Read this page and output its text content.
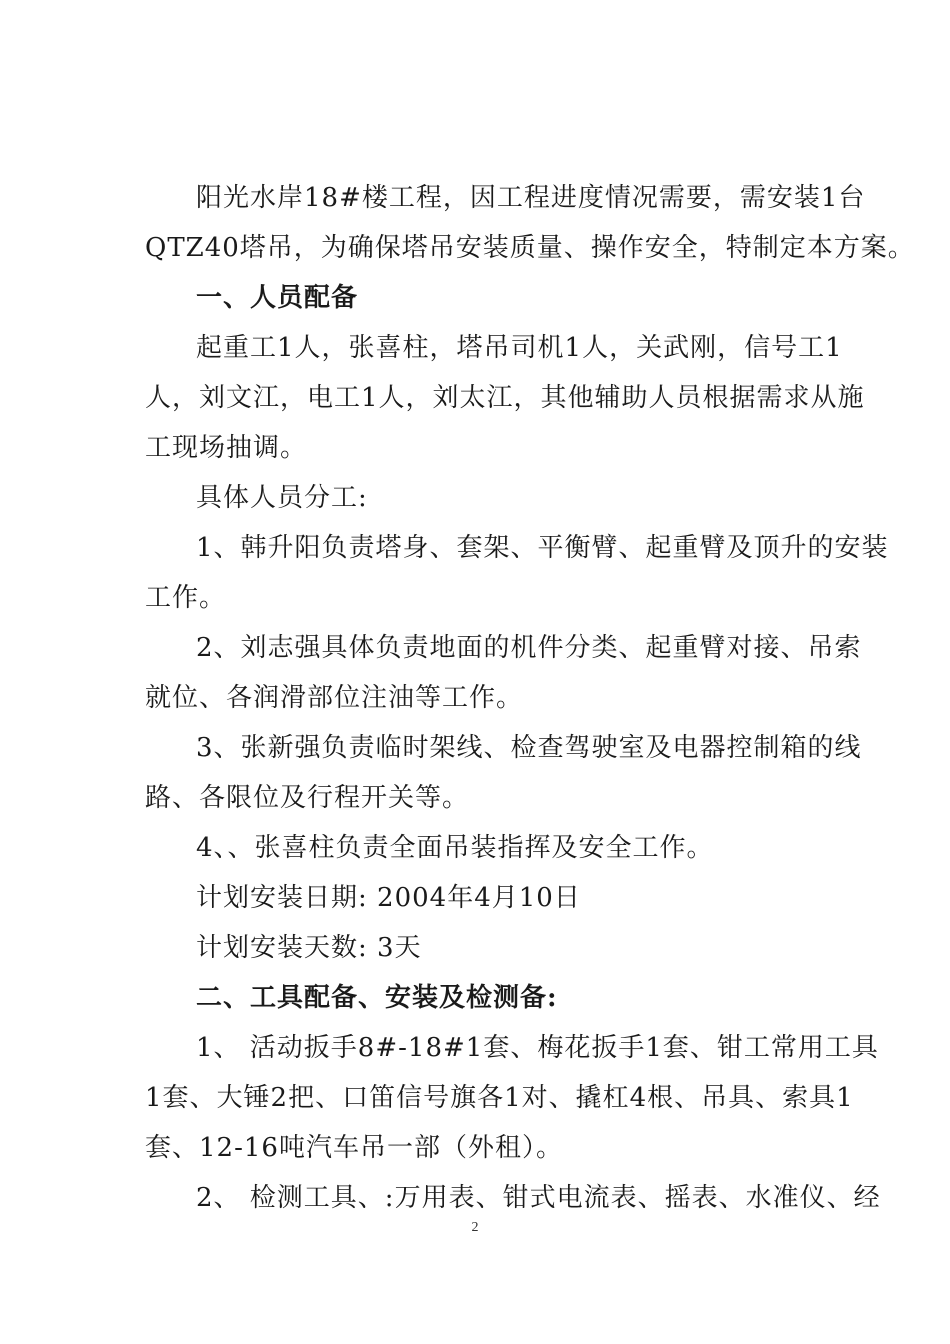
阳光水岸18#楼工程，因工程进度情况需要，需安装1台
QTZ40塔吊，为确保塔吊安装质量、操作安全，特制定本方案。
一、人员配备
起重工1人，张喜柱，塔吊司机1人，关武刚，信号工1
人，刘文江，电工1人，刘太江，其他辅助人员根据需求从施
工现场抽调。
具体人员分工:
1、韩升阳负责塔身、套架、平衡臂、起重臂及顶升的安装
工作。
2、刘志强具体负责地面的机件分类、起重臂对接、吊索
就位、各润滑部位注油等工作。
3、张新强负责临时架线、检查驾驶室及电器控制箱的线
路、各限位及行程开关等。
4、、张喜柱负责全面吊装指挥及安全工作。
计划安装日期: 2004年4月10日
计划安装天数: 3天
二、工具配备、安装及检测备:
1、 活动扳手8#-18#1套、梅花扳手1套、钳工常用工具
1套、大锤2把、口笛信号旗各1对、撬杠4根、吊具、索具1
套、12-16吨汽车吊一部（外租）。
2、 检测工具、:万用表、钳式电流表、摇表、水准仪、经
2
